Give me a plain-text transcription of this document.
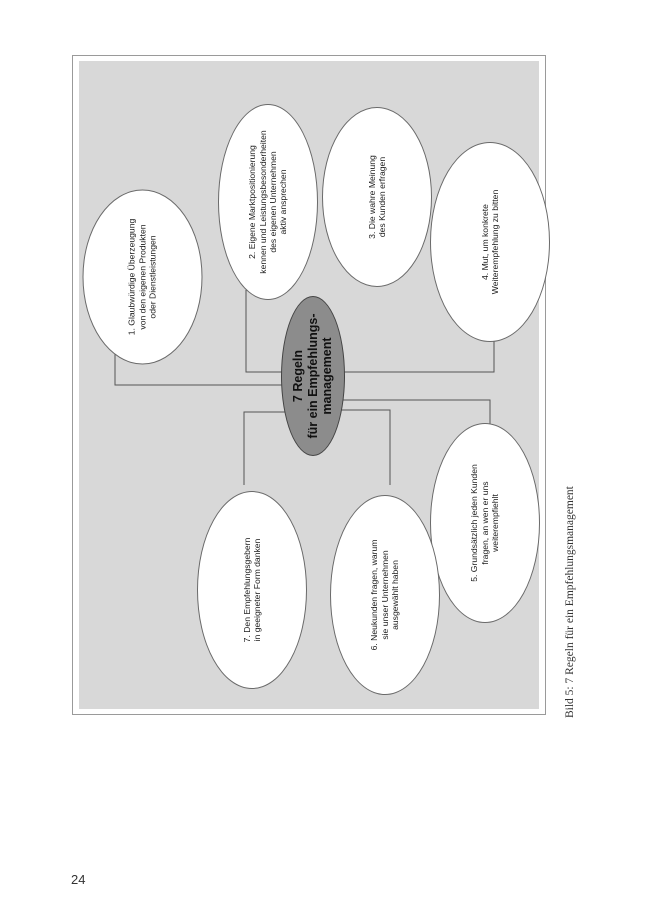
1. Glaubwürdige Überzeugung
von den eigenen Produkten
oder Dienstleistungen	2. Eigene Marktpositionierung
kennen und Leistungsbesonderheiten
des eigenen Unternehmen
aktiv ansprechen
3. Die wahre Meinung
des Kunden erfragen
4. Mut, um konkrete
Weiterempfehlung zu bitten
5. Grundsätzlich jeden Kunden
fragen, an wen er uns
weiterempfiehlt
6. Neukunden fragen, warum
sie unser Unternehmen
ausgewählt haben
7. Den Empfehlungsgebern
in geeigneter Form danken
7 Regeln
für ein Empfehlungs-
management
Bild 5: 7 Regeln für ein Empfehlungsmanagement
24
